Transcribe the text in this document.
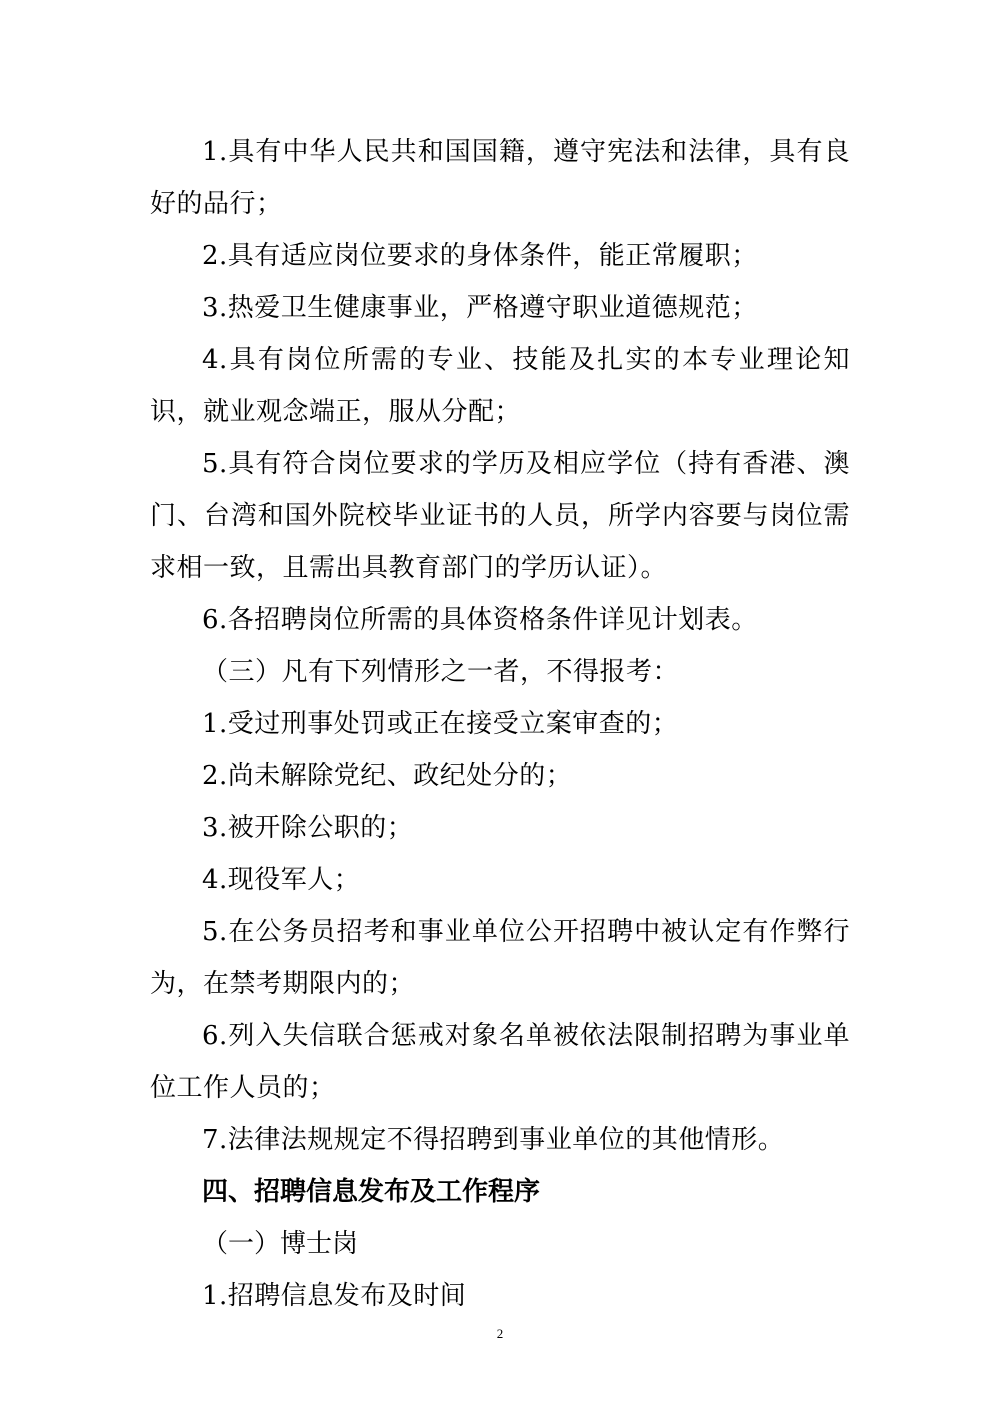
1.具有中华人民共和国国籍，遵守宪法和法律，具有良好的品行；

2.具有适应岗位要求的身体条件，能正常履职；

3.热爱卫生健康事业，严格遵守职业道德规范；

4.具有岗位所需的专业、技能及扎实的本专业理论知识，就业观念端正，服从分配；

5.具有符合岗位要求的学历及相应学位（持有香港、澳门、台湾和国外院校毕业证书的人员，所学内容要与岗位需求相一致，且需出具教育部门的学历认证）。

6.各招聘岗位所需的具体资格条件详见计划表。

（三）凡有下列情形之一者，不得报考：

1.受过刑事处罚或正在接受立案审查的；

2.尚未解除党纪、政纪处分的；

3.被开除公职的；

4.现役军人；

5.在公务员招考和事业单位公开招聘中被认定有作弊行为，在禁考期限内的；

6.列入失信联合惩戒对象名单被依法限制招聘为事业单位工作人员的；

7.法律法规规定不得招聘到事业单位的其他情形。

四、招聘信息发布及工作程序

（一）博士岗

1.招聘信息发布及时间

2
